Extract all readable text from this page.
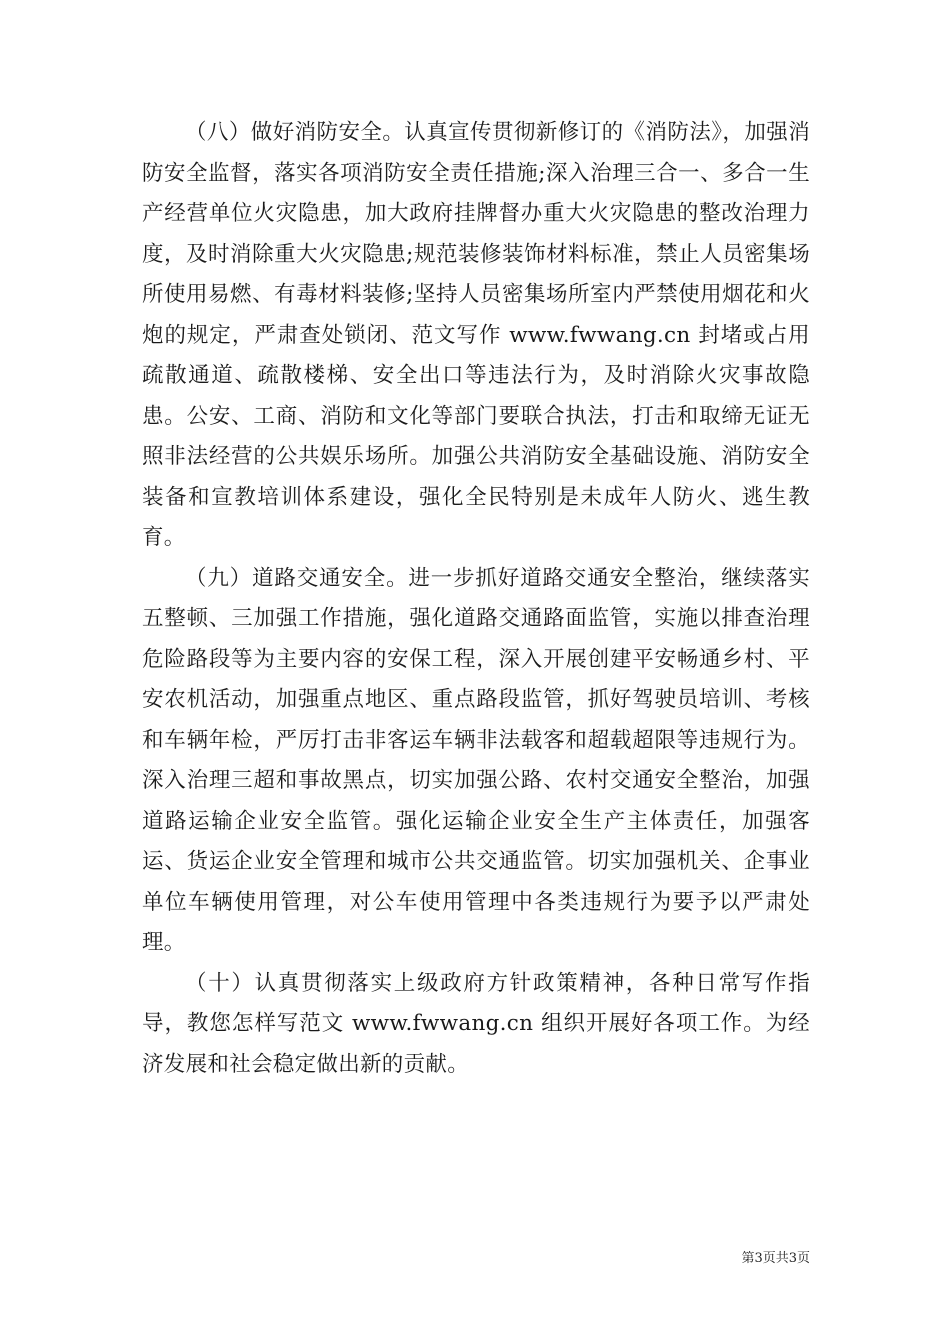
（八）做好消防安全。认真宣传贯彻新修订的《消防法》，加强消防安全监督，落实各项消防安全责任措施;深入治理三合一、多合一生产经营单位火灾隐患，加大政府挂牌督办重大火灾隐患的整改治理力度，及时消除重大火灾隐患;规范装修装饰材料标准，禁止人员密集场所使用易燃、有毒材料装修;坚持人员密集场所室内严禁使用烟花和火炮的规定，严肃查处锁闭、范文写作 www.fwwang.cn 封堵或占用疏散通道、疏散楼梯、安全出口等违法行为，及时消除火灾事故隐患。公安、工商、消防和文化等部门要联合执法，打击和取缔无证无照非法经营的公共娱乐场所。加强公共消防安全基础设施、消防安全装备和宣教培训体系建设，强化全民特别是未成年人防火、逃生教育。

（九）道路交通安全。进一步抓好道路交通安全整治，继续落实五整顿、三加强工作措施，强化道路交通路面监管，实施以排查治理危险路段等为主要内容的安保工程，深入开展创建平安畅通乡村、平安农机活动，加强重点地区、重点路段监管，抓好驾驶员培训、考核和车辆年检，严厉打击非客运车辆非法载客和超载超限等违规行为。深入治理三超和事故黑点，切实加强公路、农村交通安全整治，加强道路运输企业安全监管。强化运输企业安全生产主体责任，加强客运、货运企业安全管理和城市公共交通监管。切实加强机关、企事业单位车辆使用管理，对公车使用管理中各类违规行为要予以严肃处理。

（十）认真贯彻落实上级政府方针政策精神，各种日常写作指导，教您怎样写范文 www.fwwang.cn 组织开展好各项工作。为经济发展和社会稳定做出新的贡献。

第3页共3页
